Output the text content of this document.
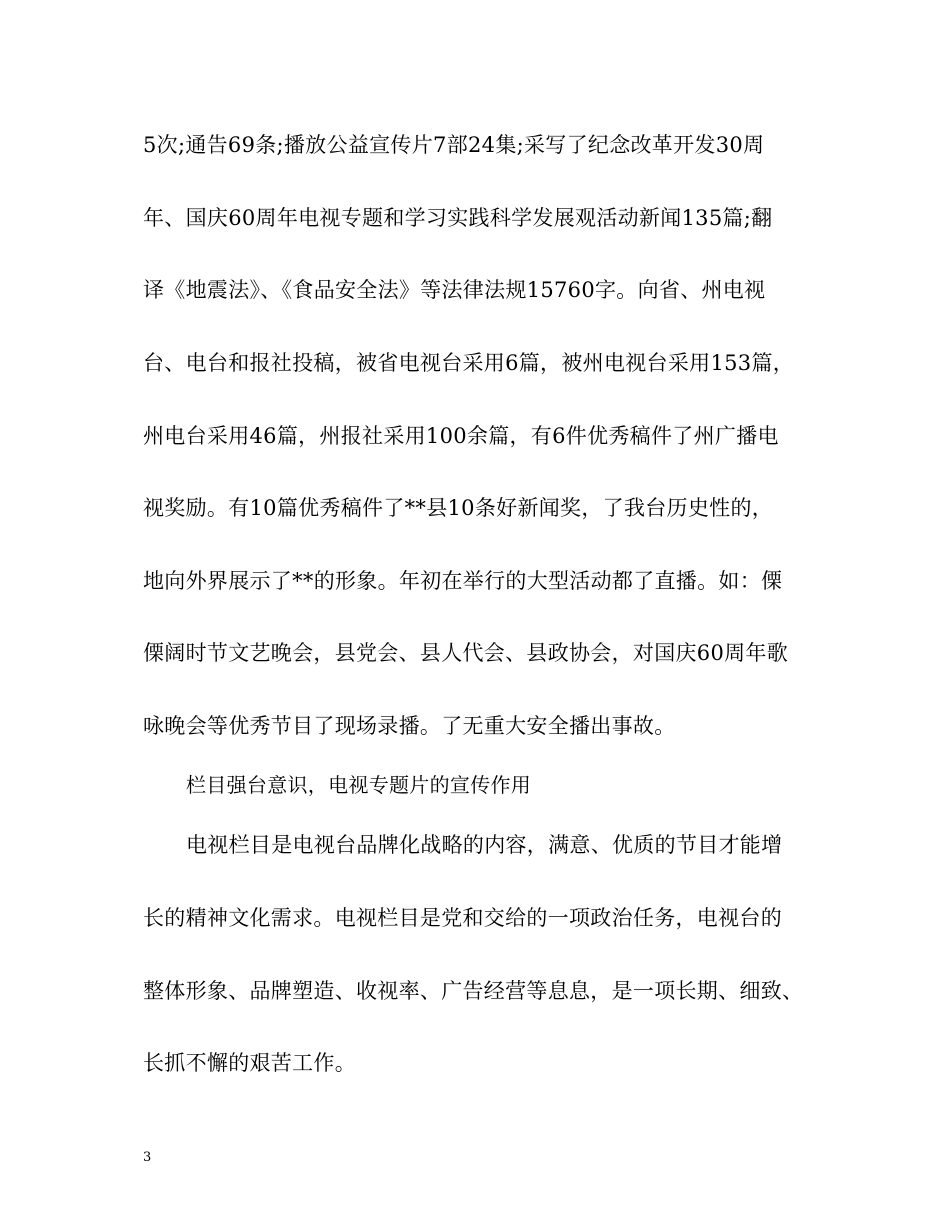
5次;通告69条;播放公益宣传片7部24集;采写了纪念改革开发30周
年、国庆60周年电视专题和学习实践科学发展观活动新闻135篇;翻
译《地震法》、《食品安全法》等法律法规15760字。向省、州电视
台、电台和报社投稿，被省电视台采用6篇，被州电视台采用153篇，
州电台采用46篇，州报社采用100余篇，有6件优秀稿件了州广播电
视奖励。有10篇优秀稿件了**县10条好新闻奖，了我台历史性的，
地向外界展示了**的形象。年初在举行的大型活动都了直播。如：傈
傈阔时节文艺晚会，县党会、县人代会、县政协会，对国庆60周年歌
咏晚会等优秀节目了现场录播。了无重大安全播出事故。
栏目强台意识，电视专题片的宣传作用
电视栏目是电视台品牌化战略的内容，满意、优质的节目才能增
长的精神文化需求。电视栏目是党和交给的一项政治任务，电视台的
整体形象、品牌塑造、收视率、广告经营等息息，是一项长期、细致、
长抓不懈的艰苦工作。
3
